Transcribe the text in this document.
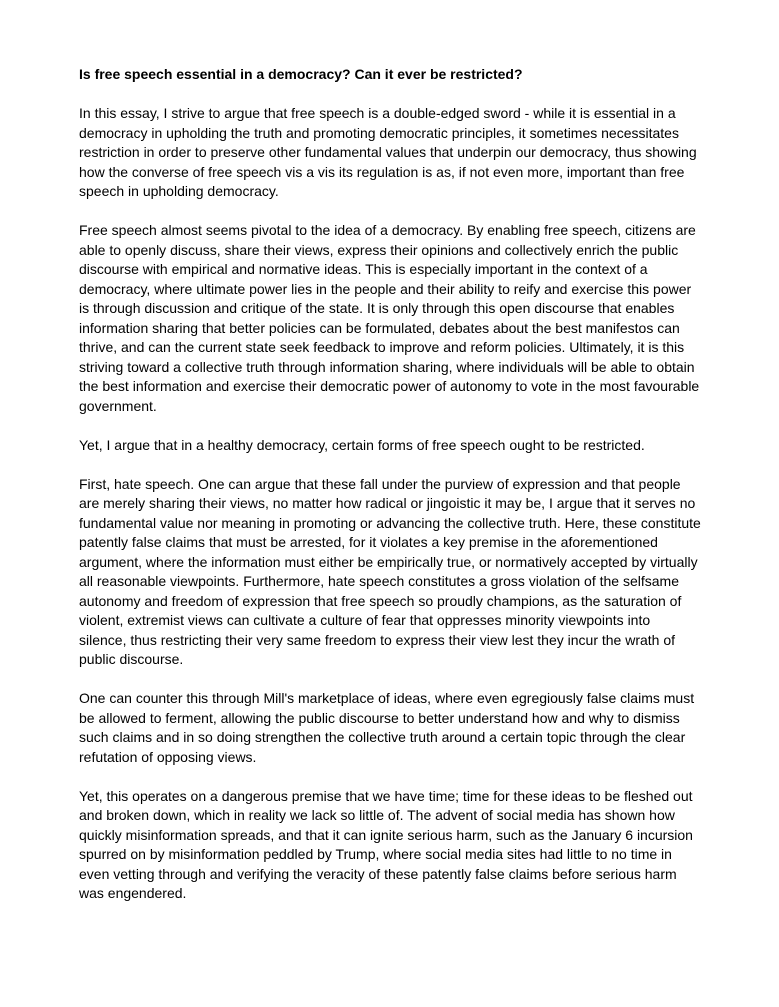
Is free speech essential in a democracy? Can it ever be restricted?

In this essay, I strive to argue that free speech is a double-edged sword - while it is essential in a democracy in upholding the truth and promoting democratic principles, it sometimes necessitates restriction in order to preserve other fundamental values that underpin our democracy, thus showing how the converse of free speech vis a vis its regulation is as, if not even more, important than free speech in upholding democracy.

Free speech almost seems pivotal to the idea of a democracy. By enabling free speech, citizens are able to openly discuss, share their views, express their opinions and collectively enrich the public discourse with empirical and normative ideas. This is especially important in the context of a democracy, where ultimate power lies in the people and their ability to reify and exercise this power is through discussion and critique of the state. It is only through this open discourse that enables information sharing that better policies can be formulated, debates about the best manifestos can thrive, and can the current state seek feedback to improve and reform policies. Ultimately, it is this striving toward a collective truth through information sharing, where individuals will be able to obtain the best information and exercise their democratic power of autonomy to vote in the most favourable government.

Yet, I argue that in a healthy democracy, certain forms of free speech ought to be restricted.

First, hate speech. One can argue that these fall under the purview of expression and that people are merely sharing their views, no matter how radical or jingoistic it may be, I argue that it serves no fundamental value nor meaning in promoting or advancing the collective truth. Here, these constitute patently false claims that must be arrested, for it violates a key premise in the aforementioned argument, where the information must either be empirically true, or normatively accepted by virtually all reasonable viewpoints. Furthermore, hate speech constitutes a gross violation of the selfsame autonomy and freedom of expression that free speech so proudly champions, as the saturation of violent, extremist views can cultivate a culture of fear that oppresses minority viewpoints into silence, thus restricting their very same freedom to express their view lest they incur the wrath of public discourse.

One can counter this through Mill's marketplace of ideas, where even egregiously false claims must be allowed to ferment, allowing the public discourse to better understand how and why to dismiss such claims and in so doing strengthen the collective truth around a certain topic through the clear refutation of opposing views.

Yet, this operates on a dangerous premise that we have time; time for these ideas to be fleshed out and broken down, which in reality we lack so little of. The advent of social media has shown how quickly misinformation spreads, and that it can ignite serious harm, such as the January 6 incursion spurred on by misinformation peddled by Trump, where social media sites had little to no time in even vetting through and verifying the veracity of these patently false claims before serious harm was engendered.
